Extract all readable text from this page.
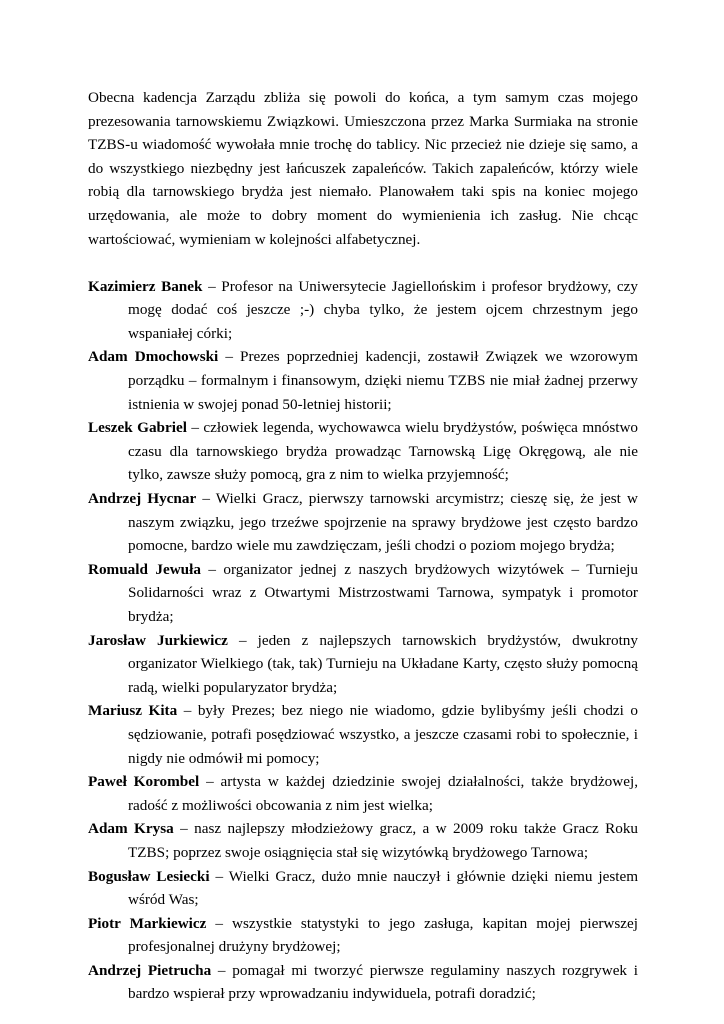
Obecna kadencja Zarządu zbliża się powoli do końca, a tym samym czas mojego prezesowania tarnowskiemu Związkowi. Umieszczona przez Marka Surmiaka na stronie TZBS-u wiadomość wywołała mnie trochę do tablicy. Nic przecież nie dzieje się samo, a do wszystkiego niezbędny jest łańcuszek zapaleńców. Takich zapaleńców, którzy wiele robią dla tarnowskiego brydża jest niemało. Planowałem taki spis na koniec mojego urzędowania, ale może to dobry moment do wymienienia ich zasług. Nie chcąc wartościować, wymieniam w kolejności alfabetycznej.

Kazimierz Banek – Profesor na Uniwersytecie Jagiellońskim i profesor brydżowy, czy mogę dodać coś jeszcze ;-) chyba tylko, że jestem ojcem chrzestnym jego wspaniałej córki;
Adam Dmochowski – Prezes poprzedniej kadencji, zostawił Związek we wzorowym porządku – formalnym i finansowym, dzięki niemu TZBS nie miał żadnej przerwy istnienia w swojej ponad 50-letniej historii;
Leszek Gabriel – człowiek legenda, wychowawca wielu brydżystów, poświęca mnóstwo czasu dla tarnowskiego brydża prowadząc Tarnowską Ligę Okręgową, ale nie tylko, zawsze służy pomocą, gra z nim to wielka przyjemność;
Andrzej Hycnar – Wielki Gracz, pierwszy tarnowski arcymistrz; cieszę się, że jest w naszym związku, jego trzeźwe spojrzenie na sprawy brydżowe jest często bardzo pomocne, bardzo wiele mu zawdzięczam, jeśli chodzi o poziom mojego brydża;
Romuald Jewuła – organizator jednej z naszych brydżowych wizytówek – Turnieju Solidarności wraz z Otwartymi Mistrzostwami Tarnowa, sympatyk i promotor brydża;
Jarosław Jurkiewicz – jeden z najlepszych tarnowskich brydżystów, dwukrotny organizator Wielkiego (tak, tak) Turnieju na Układane Karty, często służy pomocną radą, wielki popularyzator brydża;
Mariusz Kita – były Prezes; bez niego nie wiadomo, gdzie bylibyśmy jeśli chodzi o sędziowanie, potrafi posędziować wszystko, a jeszcze czasami robi to społecznie, i nigdy nie odmówił mi pomocy;
Paweł Korombel – artysta w każdej dziedzinie swojej działalności, także brydżowej, radość z możliwości obcowania z nim jest wielka;
Adam Krysa – nasz najlepszy młodzieżowy gracz, a w 2009 roku także Gracz Roku TZBS; poprzez swoje osiągnięcia stał się wizytówką brydżowego Tarnowa;
Bogusław Lesiecki – Wielki Gracz, dużo mnie nauczył i głównie dzięki niemu jestem wśród Was;
Piotr Markiewicz – wszystkie statystyki to jego zasługa, kapitan mojej pierwszej profesjonalnej drużyny brydżowej;
Andrzej Pietrucha – pomagał mi tworzyć pierwsze regulaminy naszych rozgrywek i bardzo wspierał przy wprowadzaniu indywiduela, potrafi doradzić;
